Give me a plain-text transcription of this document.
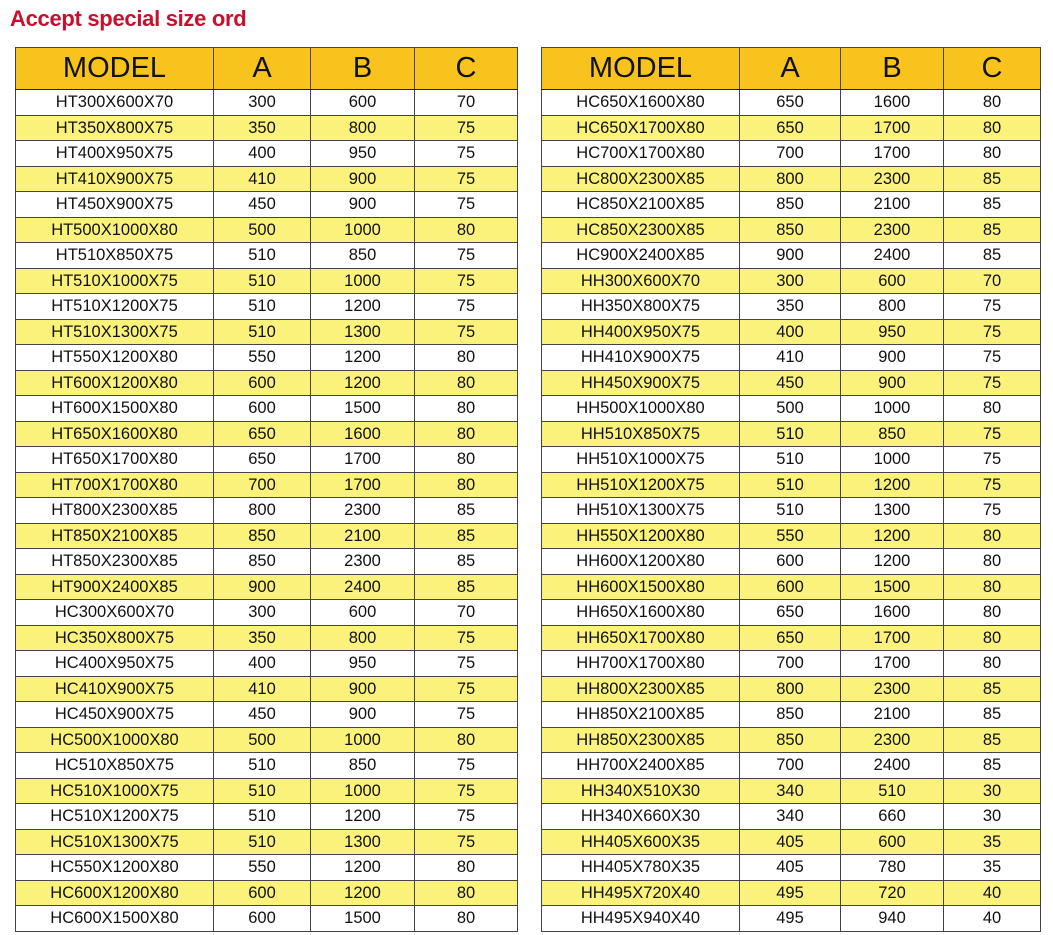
Accept special size ord
MODEL	A	B	C
HT300X600X70	300	600	70
HT350X800X75	350	800	75
HT400X950X75	400	950	75
HT410X900X75	410	900	75
HT450X900X75	450	900	75
HT500X1000X80	500	1000	80
HT510X850X75	510	850	75
HT510X1000X75	510	1000	75
HT510X1200X75	510	1200	75
HT510X1300X75	510	1300	75
HT550X1200X80	550	1200	80
HT600X1200X80	600	1200	80
HT600X1500X80	600	1500	80
HT650X1600X80	650	1600	80
HT650X1700X80	650	1700	80
HT700X1700X80	700	1700	80
HT800X2300X85	800	2300	85
HT850X2100X85	850	2100	85
HT850X2300X85	850	2300	85
HT900X2400X85	900	2400	85
HC300X600X70	300	600	70
HC350X800X75	350	800	75
HC400X950X75	400	950	75
HC410X900X75	410	900	75
HC450X900X75	450	900	75
HC500X1000X80	500	1000	80
HC510X850X75	510	850	75
HC510X1000X75	510	1000	75
HC510X1200X75	510	1200	75
HC510X1300X75	510	1300	75
HC550X1200X80	550	1200	80
HC600X1200X80	600	1200	80
HC600X1500X80	600	1500	80
MODEL	A	B	C
HC650X1600X80	650	1600	80
HC650X1700X80	650	1700	80
HC700X1700X80	700	1700	80
HC800X2300X85	800	2300	85
HC850X2100X85	850	2100	85
HC850X2300X85	850	2300	85
HC900X2400X85	900	2400	85
HH300X600X70	300	600	70
HH350X800X75	350	800	75
HH400X950X75	400	950	75
HH410X900X75	410	900	75
HH450X900X75	450	900	75
HH500X1000X80	500	1000	80
HH510X850X75	510	850	75
HH510X1000X75	510	1000	75
HH510X1200X75	510	1200	75
HH510X1300X75	510	1300	75
HH550X1200X80	550	1200	80
HH600X1200X80	600	1200	80
HH600X1500X80	600	1500	80
HH650X1600X80	650	1600	80
HH650X1700X80	650	1700	80
HH700X1700X80	700	1700	80
HH800X2300X85	800	2300	85
HH850X2100X85	850	2100	85
HH850X2300X85	850	2300	85
HH700X2400X85	700	2400	85
HH340X510X30	340	510	30
HH340X660X30	340	660	30
HH405X600X35	405	600	35
HH405X780X35	405	780	35
HH495X720X40	495	720	40
HH495X940X40	495	940	40
